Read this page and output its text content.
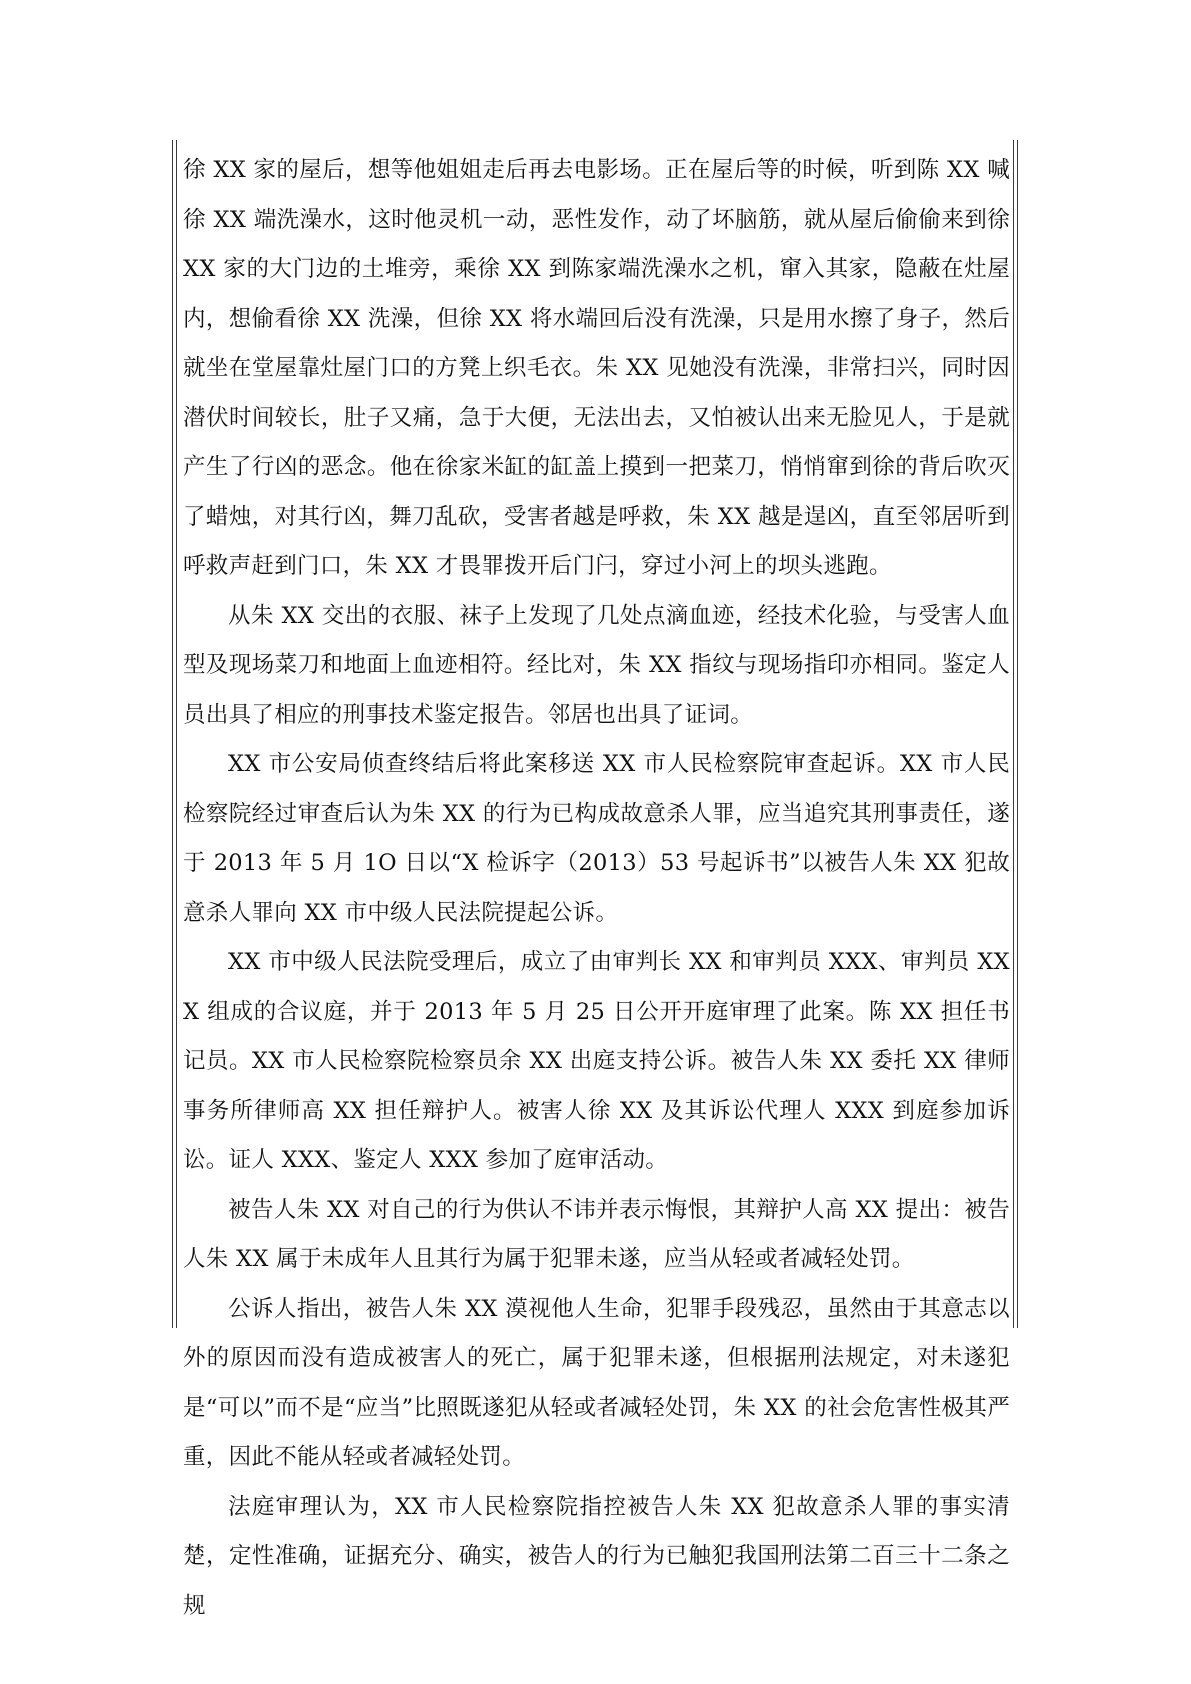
徐 XX 家的屋后，想等他姐姐走后再去电影场。正在屋后等的时候，听到陈 XX 喊徐 XX 端洗澡水，这时他灵机一动，恶性发作，动了坏脑筋，就从屋后偷偷来到徐 XX 家的大门边的土堆旁，乘徐 XX 到陈家端洗澡水之机，窜入其家，隐蔽在灶屋内，想偷看徐 XX 洗澡，但徐 XX 将水端回后没有洗澡，只是用水擦了身子，然后就坐在堂屋靠灶屋门口的方凳上织毛衣。朱 XX 见她没有洗澡，非常扫兴，同时因潜伏时间较长，肚子又痛，急于大便，无法出去，又怕被认出来无脸见人，于是就产生了行凶的恶念。他在徐家米缸的缸盖上摸到一把菜刀，悄悄窜到徐的背后吹灭了蜡烛，对其行凶，舞刀乱砍，受害者越是呼救，朱 XX 越是逞凶，直至邻居听到呼救声赶到门口，朱 XX 才畏罪拨开后门闩，穿过小河上的坝头逃跑。

从朱 XX 交出的衣服、袜子上发现了几处点滴血迹，经技术化验，与受害人血型及现场菜刀和地面上血迹相符。经比对，朱 XX 指纹与现场指印亦相同。鉴定人员出具了相应的刑事技术鉴定报告。邻居也出具了证词。

XX 市公安局侦查终结后将此案移送 XX 市人民检察院审查起诉。XX 市人民检察院经过审查后认为朱 XX 的行为已构成故意杀人罪，应当追究其刑事责任，遂于 2013 年 5 月 1O 日以“X 检诉字（2013）53 号起诉书”以被告人朱 XX 犯故意杀人罪向 XX 市中级人民法院提起公诉。

XX 市中级人民法院受理后，成立了由审判长 XX 和审判员 XXX、审判员 XXX 组成的合议庭，并于 2013 年 5 月 25 日公开开庭审理了此案。陈 XX 担任书记员。XX 市人民检察院检察员余 XX 出庭支持公诉。被告人朱 XX 委托 XX 律师事务所律师高 XX 担任辩护人。被害人徐 XX 及其诉讼代理人 XXX 到庭参加诉讼。证人 XXX、鉴定人 XXX 参加了庭审活动。

被告人朱 XX 对自己的行为供认不讳并表示悔恨，其辩护人高 XX 提出：被告人朱 XX 属于未成年人且其行为属于犯罪未遂，应当从轻或者减轻处罚。

公诉人指出，被告人朱 XX 漠视他人生命，犯罪手段残忍，虽然由于其意志以外的原因而没有造成被害人的死亡，属于犯罪未遂，但根据刑法规定，对未遂犯是“可以”而不是“应当”比照既遂犯从轻或者减轻处罚，朱 XX 的社会危害性极其严重，因此不能从轻或者减轻处罚。

法庭审理认为，XX 市人民检察院指控被告人朱 XX 犯故意杀人罪的事实清楚，定性准确，证据充分、确实，被告人的行为已触犯我国刑法第二百三十二条之规
